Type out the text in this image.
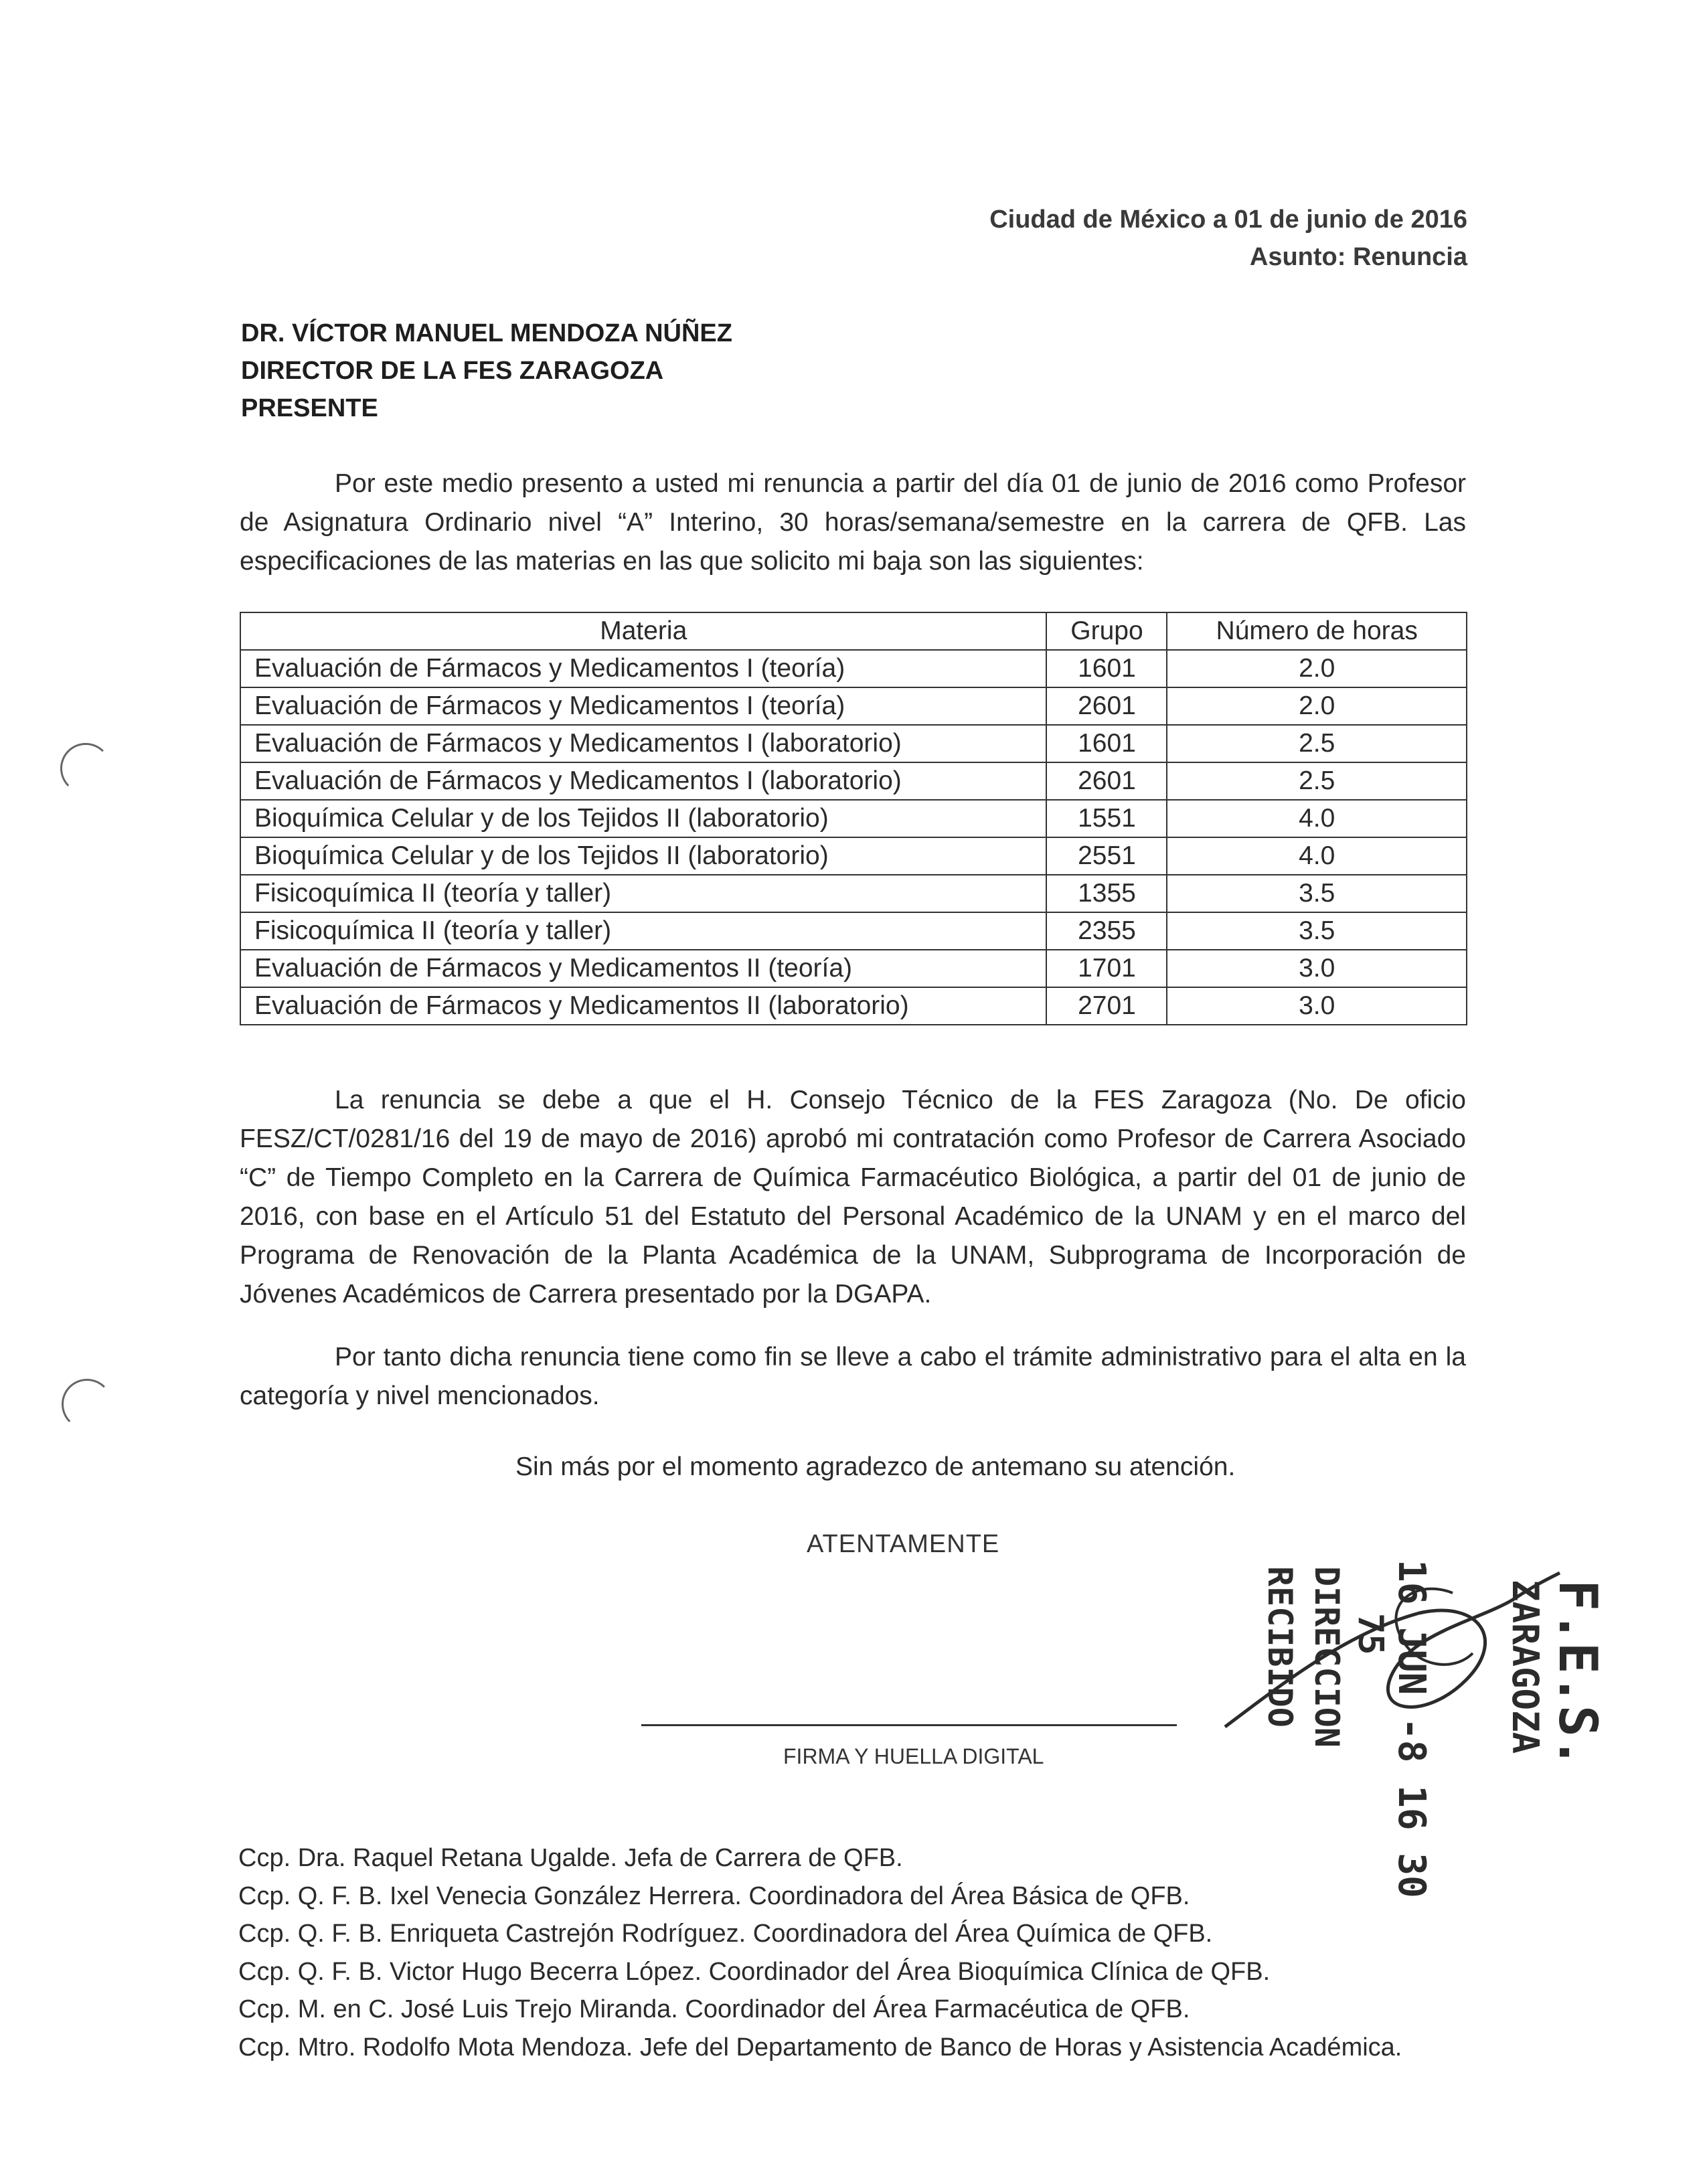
Ciudad de México a 01 de junio de 2016
Asunto: Renuncia
DR. VÍCTOR MANUEL MENDOZA NÚÑEZ
DIRECTOR DE LA FES ZARAGOZA
PRESENTE
Por este medio presento a usted mi renuncia a partir del día 01 de junio de 2016 como Profesor de Asignatura Ordinario nivel “A” Interino, 30 horas/semana/semestre en la carrera de QFB. Las especificaciones de las materias en las que solicito mi baja son las siguientes:
Materia	Grupo	Número de horas
Evaluación de Fármacos y Medicamentos I (teoría)	1601	2.0
Evaluación de Fármacos y Medicamentos I (teoría)	2601	2.0
Evaluación de Fármacos y Medicamentos I (laboratorio)	1601	2.5
Evaluación de Fármacos y Medicamentos I (laboratorio)	2601	2.5
Bioquímica Celular y de los Tejidos II (laboratorio)	1551	4.0
Bioquímica Celular y de los Tejidos II (laboratorio)	2551	4.0
Fisicoquímica II (teoría y taller)	1355	3.5
Fisicoquímica II (teoría y taller)	2355	3.5
Evaluación de Fármacos y Medicamentos II (teoría)	1701	3.0
Evaluación de Fármacos y Medicamentos II (laboratorio)	2701	3.0
La renuncia se debe a que el H. Consejo Técnico de la FES Zaragoza (No. De oficio FESZ/CT/0281/16 del 19 de mayo de 2016) aprobó mi contratación como Profesor de Carrera Asociado “C” de Tiempo Completo en la Carrera de Química Farmacéutico Biológica, a partir del 01 de junio de 2016, con base en el Artículo 51 del Estatuto del Personal Académico de la UNAM y en el marco del Programa de Renovación de la Planta Académica de la UNAM, Subprograma de Incorporación de Jóvenes Académicos de Carrera presentado por la DGAPA.
Por tanto dicha renuncia tiene como fin se lleve a cabo el trámite administrativo para el alta en la categoría y nivel mencionados.
Sin más por el momento agradezco de antemano su atención.
ATENTAMENTE
FIRMA Y HUELLA DIGITAL	F.E.S.
ZARAGOZA
16 JUN -8 16 30
75
DIRECCION
RECIBIDO
Ccp. Dra. Raquel Retana Ugalde. Jefa de Carrera de QFB.
Ccp. Q. F. B. Ixel Venecia González Herrera. Coordinadora del Área Básica de QFB.
Ccp. Q. F. B. Enriqueta Castrejón Rodríguez. Coordinadora del Área Química de QFB.
Ccp. Q. F. B. Victor Hugo Becerra López. Coordinador del Área Bioquímica Clínica de QFB.
Ccp. M. en C. José Luis Trejo Miranda. Coordinador del Área Farmacéutica de QFB.
Ccp. Mtro. Rodolfo Mota Mendoza. Jefe del Departamento de Banco de Horas y Asistencia Académica.
